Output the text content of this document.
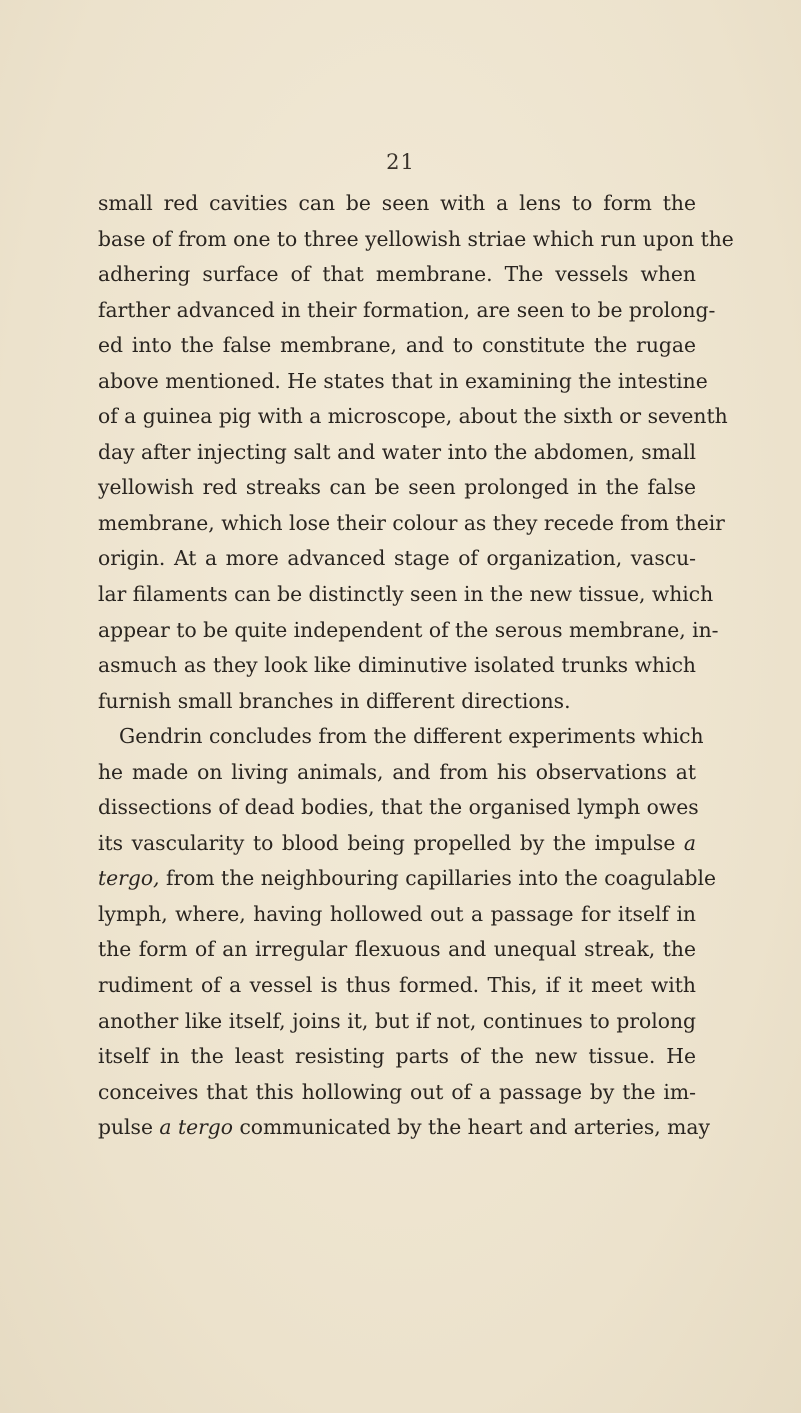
21
small red cavities can be seen with a lens to form the
base of from one to three yellowish striae which run upon the
adhering surface of that membrane. The vessels when
farther advanced in their formation, are seen to be prolong-
ed into the false membrane, and to constitute the rugae
above mentioned. He states that in examining the intestine
of a guinea pig with a microscope, about the sixth or seventh
day after injecting salt and water into the abdomen, small
yellowish red streaks can be seen prolonged in the false
membrane, which lose their colour as they recede from their
origin. At a more advanced stage of organization, vascu-
lar filaments can be distinctly seen in the new tissue, which
appear to be quite independent of the serous membrane, in-
asmuch as they look like diminutive isolated trunks which
furnish small branches in different directions.
Gendrin concludes from the different experiments which
he made on living animals, and from his observations at
dissections of dead bodies, that the organised lymph owes
its vascularity to blood being propelled by the impulse a
tergo, from the neighbouring capillaries into the coagulable
lymph, where, having hollowed out a passage for itself in
the form of an irregular flexuous and unequal streak, the
rudiment of a vessel is thus formed. This, if it meet with
another like itself, joins it, but if not, continues to prolong
itself in the least resisting parts of the new tissue. He
conceives that this hollowing out of a passage by the im-
pulse a tergo communicated by the heart and arteries, may
